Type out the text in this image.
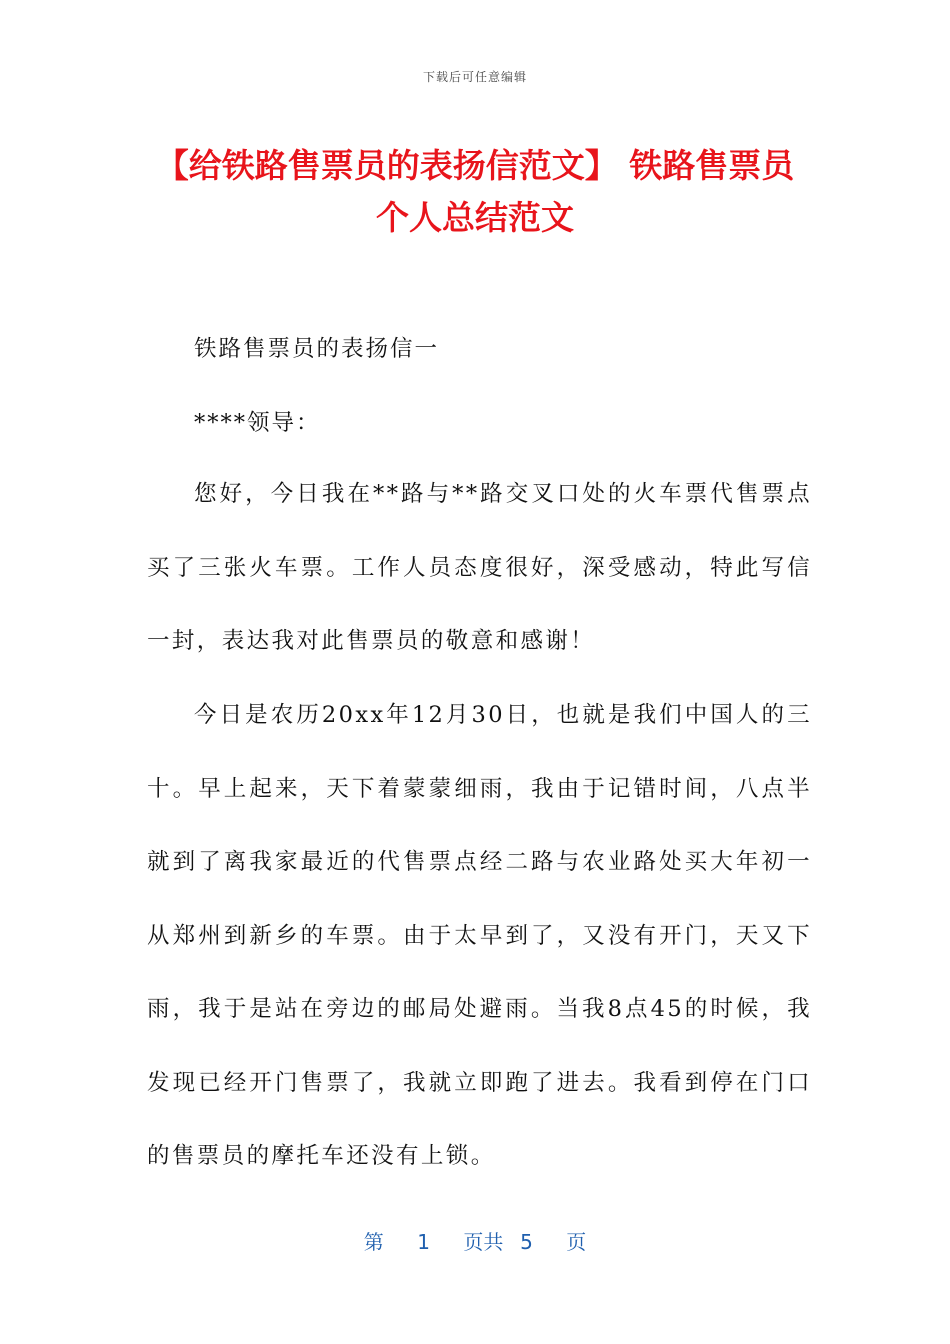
下载后可任意编辑
【给铁路售票员的表扬信范文】 铁路售票员
个人总结范文
铁路售票员的表扬信一
****领导：

您好，今日我在**路与**路交叉口处的火车票代售票点买了三张火车票。工作人员态度很好，深受感动，特此写信一封，表达我对此售票员的敬意和感谢！

今日是农历20xx年12月30日，也就是我们中国人的三十。早上起来，天下着蒙蒙细雨，我由于记错时间，八点半就到了离我家最近的代售票点经二路与农业路处买大年初一从郑州到新乡的车票。由于太早到了，又没有开门，天又下雨，我于是站在旁边的邮局处避雨。当我8点45的时候，我发现已经开门售票了，我就立即跑了进去。我看到停在门口的售票员的摩托车还没有上锁。

第 1 页共 5 页
